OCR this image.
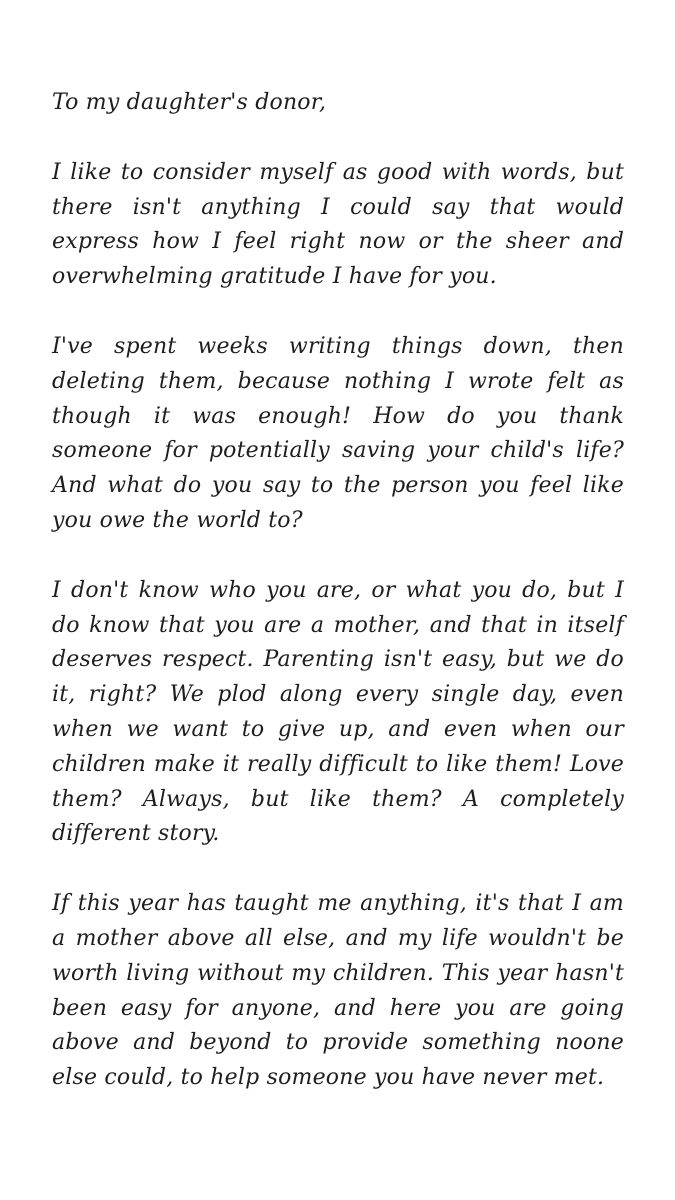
To my daughter's donor,

I like to consider myself as good with words, but there isn't anything I could say that would express how I feel right now or the sheer and overwhelming gratitude I have for you.

I've spent weeks writing things down, then deleting them, because nothing I wrote felt as though it was enough! How do you thank someone for potentially saving your child's life? And what do you say to the person you feel like you owe the world to?

I don't know who you are, or what you do, but I do know that you are a mother, and that in itself deserves respect. Parenting isn't easy, but we do it, right? We plod along every single day, even when we want to give up, and even when our children make it really difficult to like them! Love them? Always, but like them? A completely different story.

If this year has taught me anything, it's that I am a mother above all else, and my life wouldn't be worth living without my children. This year hasn't been easy for anyone, and here you are going above and beyond to provide something noone else could, to help someone you have never met.
